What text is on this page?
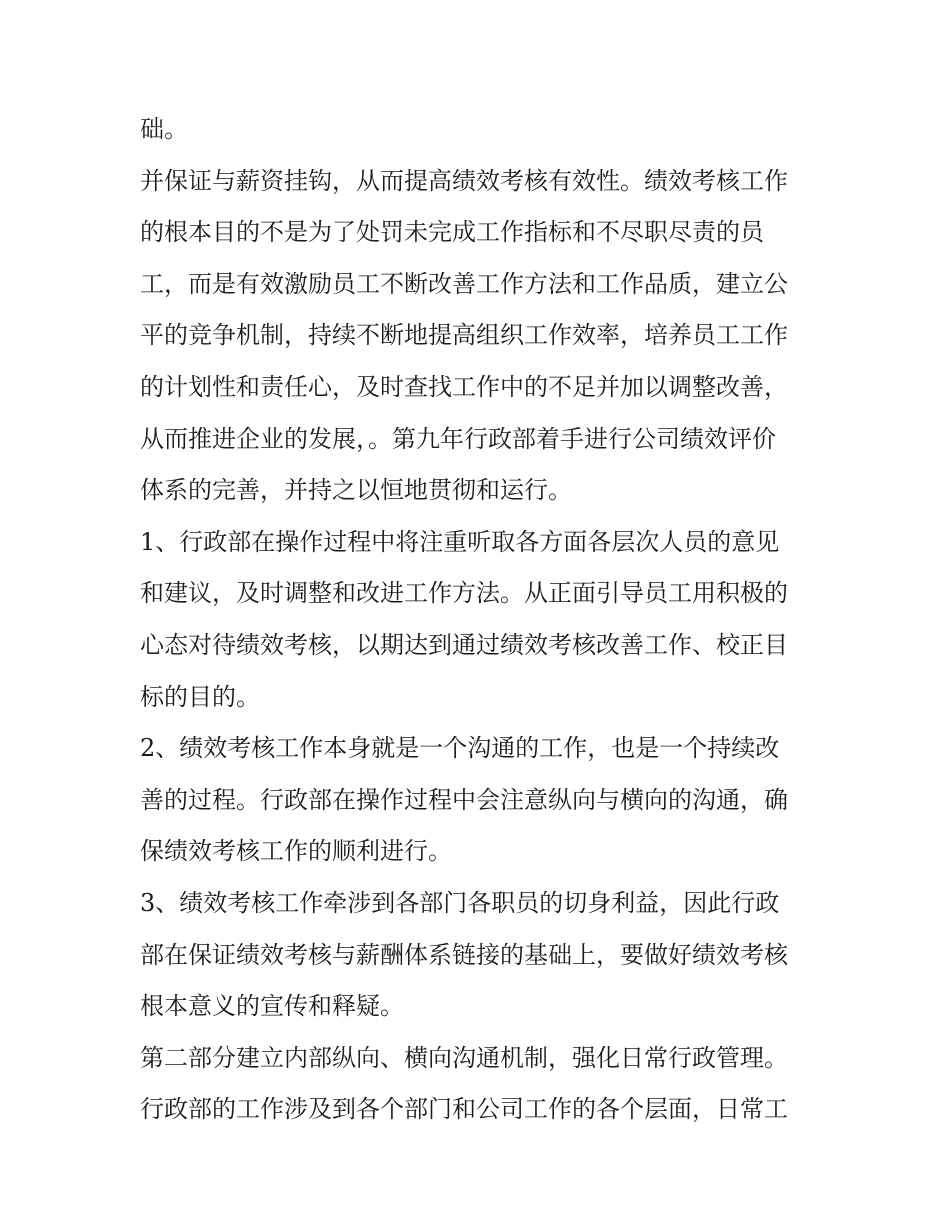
础。
并保证与薪资挂钩，从而提高绩效考核有效性。绩效考核工作
的根本目的不是为了处罚未完成工作指标和不尽职尽责的员
工，而是有效激励员工不断改善工作方法和工作品质，建立公
平的竞争机制，持续不断地提高组织工作效率，培养员工工作
的计划性和责任心，及时查找工作中的不足并加以调整改善，
从而推进企业的发展，。第九年行政部着手进行公司绩效评价
体系的完善，并持之以恒地贯彻和运行。
1、行政部在操作过程中将注重听取各方面各层次人员的意见
和建议，及时调整和改进工作方法。从正面引导员工用积极的
心态对待绩效考核，以期达到通过绩效考核改善工作、校正目
标的目的。
2、绩效考核工作本身就是一个沟通的工作，也是一个持续改
善的过程。行政部在操作过程中会注意纵向与横向的沟通，确
保绩效考核工作的顺利进行。
3、绩效考核工作牵涉到各部门各职员的切身利益，因此行政
部在保证绩效考核与薪酬体系链接的基础上，要做好绩效考核
根本意义的宣传和释疑。
第二部分建立内部纵向、横向沟通机制，强化日常行政管理。
行政部的工作涉及到各个部门和公司工作的各个层面，日常工
